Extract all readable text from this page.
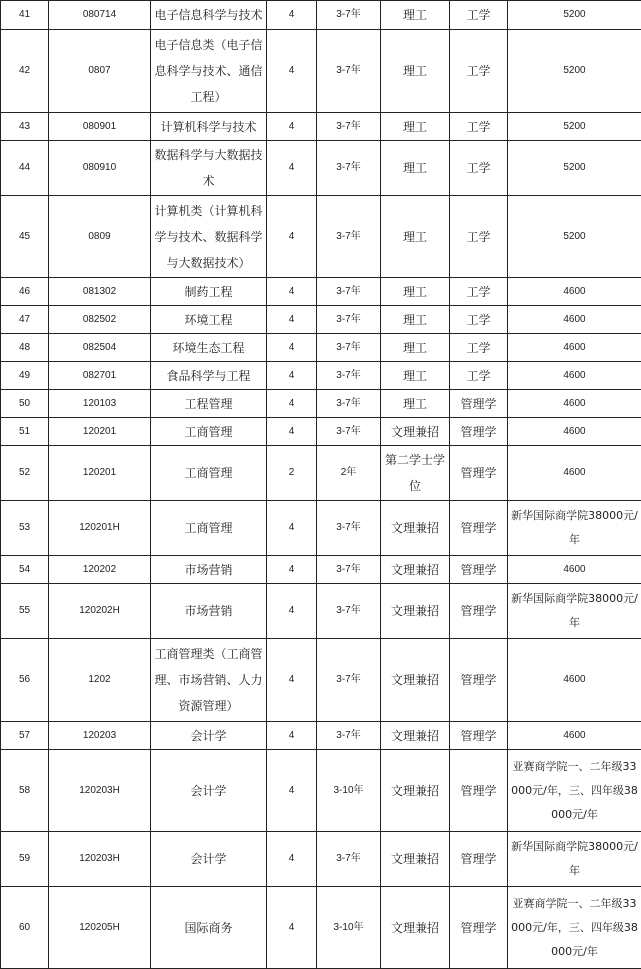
41	080714	电子信息科学与技术	4	3-7年	理工	工学	5200
42	0807	电子信息类（电子信息科学与技术、通信工程）	4	3-7年	理工	工学	5200
43	080901	计算机科学与技术	4	3-7年	理工	工学	5200
44	080910	数据科学与大数据技术	4	3-7年	理工	工学	5200
45	0809	计算机类（计算机科学与技术、数据科学与大数据技术）	4	3-7年	理工	工学	5200
46	081302	制药工程	4	3-7年	理工	工学	4600
47	082502	环境工程	4	3-7年	理工	工学	4600
48	082504	环境生态工程	4	3-7年	理工	工学	4600
49	082701	食品科学与工程	4	3-7年	理工	工学	4600
50	120103	工程管理	4	3-7年	理工	管理学	4600
51	120201	工商管理	4	3-7年	文理兼招	管理学	4600
52	120201	工商管理	2	2年	第二学士学位	管理学	4600
53	120201H	工商管理	4	3-7年	文理兼招	管理学	新华国际商学院38000元/年
54	120202	市场营销	4	3-7年	文理兼招	管理学	4600
55	120202H	市场营销	4	3-7年	文理兼招	管理学	新华国际商学院38000元/年
56	1202	工商管理类（工商管理、市场营销、人力资源管理）	4	3-7年	文理兼招	管理学	4600
57	120203	会计学	4	3-7年	文理兼招	管理学	4600
58	120203H	会计学	4	3-10年	文理兼招	管理学	亚赛商学院一、二年级33000元/年，三、四年级38000元/年
59	120203H	会计学	4	3-7年	文理兼招	管理学	新华国际商学院38000元/年
60	120205H	国际商务	4	3-10年	文理兼招	管理学	亚赛商学院一、二年级33000元/年，三、四年级38000元/年
